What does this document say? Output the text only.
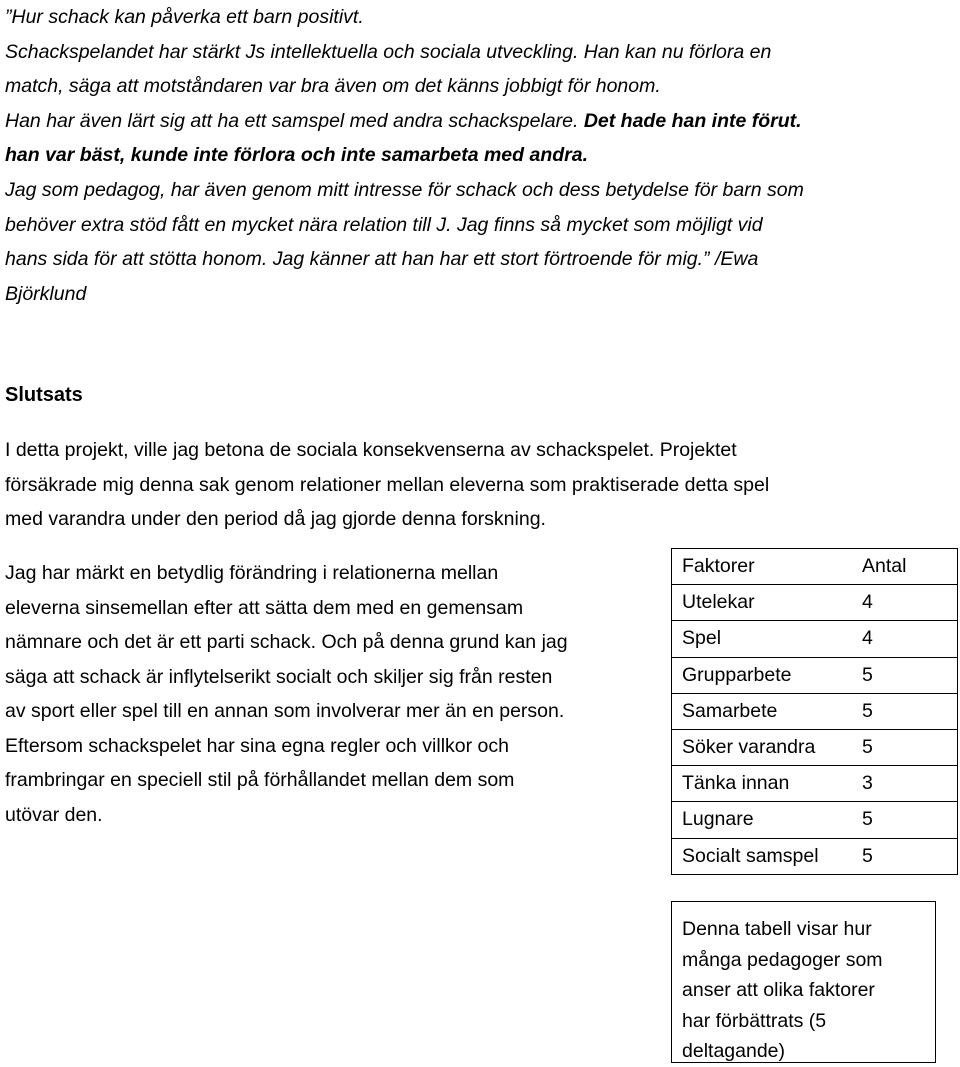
”Hur schack kan påverka ett barn positivt.
Schackspelandet har stärkt Js intellektuella och sociala utveckling. Han kan nu förlora en
match, säga att motståndaren var bra även om det känns jobbigt för honom.
Han har även lärt sig att ha ett samspel med andra schackspelare. Det hade han inte förut.
han var bäst, kunde inte förlora och inte samarbeta med andra.
Jag som pedagog, har även genom mitt intresse för schack och dess betydelse för barn som
behöver extra stöd fått en mycket nära relation till J. Jag finns så mycket som möjligt vid
hans sida för att stötta honom. Jag känner att han har ett stort förtroende för mig.” /Ewa
Björklund
Slutsats
I detta projekt, ville jag betona de sociala konsekvenserna av schackspelet. Projektet
försäkrade mig denna sak genom relationer mellan eleverna som praktiserade detta spel
med varandra under den period då jag gjorde denna forskning.
Jag har märkt en betydlig förändring i relationerna mellan
eleverna sinsemellan efter att sätta dem med en gemensam
nämnare och det är ett parti schack. Och på denna grund kan jag
säga att schack är inflytelserikt socialt och skiljer sig från resten
av sport eller spel till en annan som involverar mer än en person.
Eftersom schackspelet har sina egna regler och villkor och
frambringar en speciell stil på förhållandet mellan dem som
utövar den.
Faktorer	Antal
Utelekar	4
Spel	4
Grupparbete	5
Samarbete	5
Söker varandra	5
Tänka innan	3
Lugnare	5
Socialt samspel	5
Denna tabell visar hur
många pedagoger som
anser att olika faktorer
har förbättrats (5
deltagande)
